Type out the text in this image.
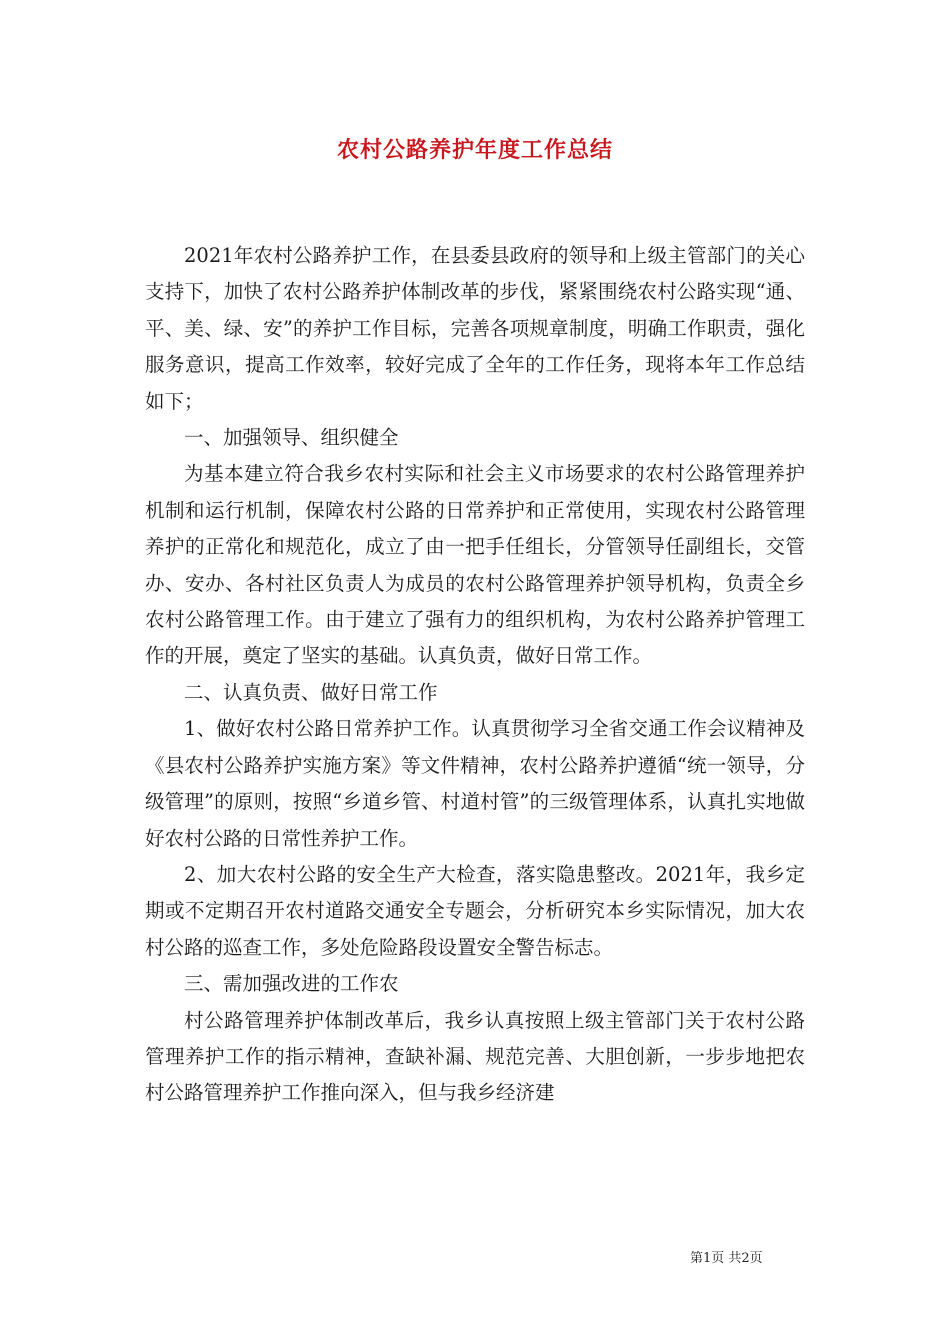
农村公路养护年度工作总结

2021年农村公路养护工作，在县委县政府的领导和上级主管部门的关心支持下，加快了农村公路养护体制改革的步伐，紧紧围绕农村公路实现“通、平、美、绿、安”的养护工作目标，完善各项规章制度，明确工作职责，强化服务意识，提高工作效率，较好完成了全年的工作任务，现将本年工作总结如下；

一、加强领导、组织健全

为基本建立符合我乡农村实际和社会主义市场要求的农村公路管理养护机制和运行机制，保障农村公路的日常养护和正常使用，实现农村公路管理养护的正常化和规范化，成立了由一把手任组长，分管领导任副组长，交管办、安办、各村社区负责人为成员的农村公路管理养护领导机构，负责全乡农村公路管理工作。由于建立了强有力的组织机构，为农村公路养护管理工作的开展，奠定了坚实的基础。认真负责，做好日常工作。

二、认真负责、做好日常工作

1、做好农村公路日常养护工作。认真贯彻学习全省交通工作会议精神及《县农村公路养护实施方案》等文件精神，农村公路养护遵循“统一领导，分级管理”的原则，按照“乡道乡管、村道村管”的三级管理体系，认真扎实地做好农村公路的日常性养护工作。

2、加大农村公路的安全生产大检查，落实隐患整改。2021年，我乡定期或不定期召开农村道路交通安全专题会，分析研究本乡实际情况，加大农村公路的巡查工作，多处危险路段设置安全警告标志。

三、需加强改进的工作农

村公路管理养护体制改革后，我乡认真按照上级主管部门关于农村公路管理养护工作的指示精神，查缺补漏、规范完善、大胆创新，一步步地把农村公路管理养护工作推向深入，但与我乡经济建

第1页 共2页
